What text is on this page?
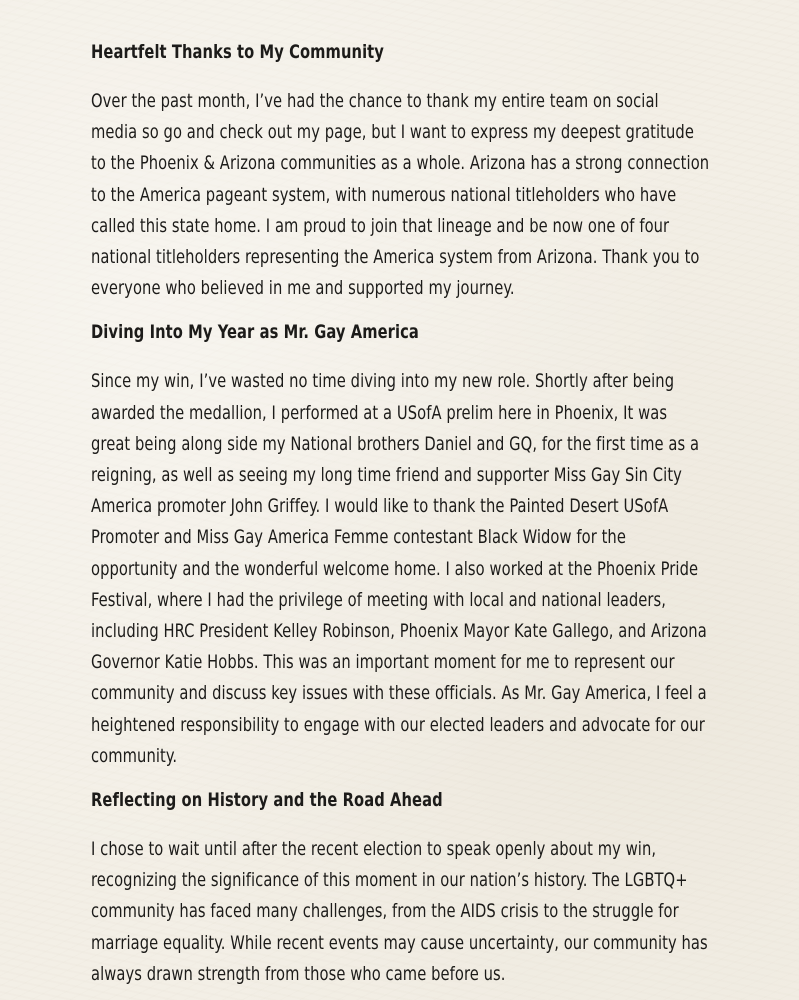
Heartfelt Thanks to My Community

Over the past month, I’ve had the chance to thank my entire team on social media so go and check out my page, but I want to express my deepest gratitude to the Phoenix & Arizona communities as a whole. Arizona has a strong connection to the America pageant system, with numerous national titleholders who have called this state home. I am proud to join that lineage and be now one of four national titleholders representing the America system from Arizona. Thank you to everyone who believed in me and supported my journey.

Diving Into My Year as Mr. Gay America

Since my win, I’ve wasted no time diving into my new role. Shortly after being awarded the medallion, I performed at a USofA prelim here in Phoenix, It was great being along side my National brothers Daniel and GQ, for the first time as a reigning, as well as seeing my long time friend and supporter Miss Gay Sin City America promoter John Griffey. I would like to thank the Painted Desert USofA Promoter and Miss Gay America Femme contestant Black Widow for the opportunity and the wonderful welcome home. I also worked at the Phoenix Pride Festival, where I had the privilege of meeting with local and national leaders, including HRC President Kelley Robinson, Phoenix Mayor Kate Gallego, and Arizona Governor Katie Hobbs. This was an important moment for me to represent our community and discuss key issues with these officials. As Mr. Gay America, I feel a heightened responsibility to engage with our elected leaders and advocate for our community.

Reflecting on History and the Road Ahead

I chose to wait until after the recent election to speak openly about my win, recognizing the significance of this moment in our nation’s history. The LGBTQ+ community has faced many challenges, from the AIDS crisis to the struggle for marriage equality. While recent events may cause uncertainty, our community has always drawn strength from those who came before us.
